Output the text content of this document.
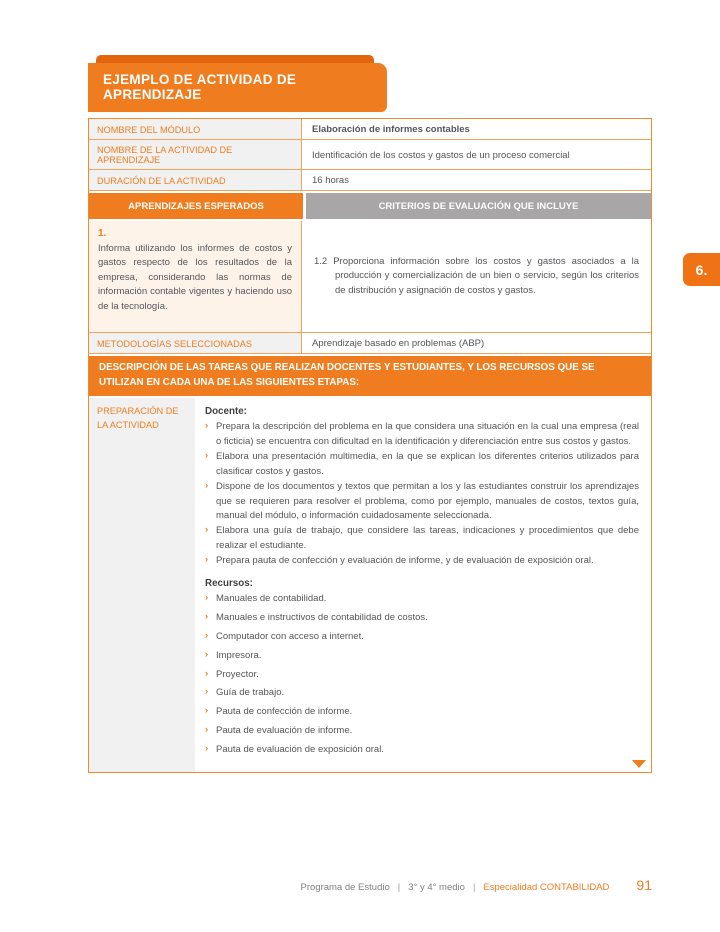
6.
EJEMPLO DE ACTIVIDAD DE APRENDIZAJE
NOMBRE DEL MÓDULO	Elaboración de informes contables
NOMBRE DE LA ACTIVIDAD DE APRENDIZAJE	Identificación de los costos y gastos de un proceso comercial
DURACIÓN DE LA ACTIVIDAD	16 horas
APRENDIZAJES ESPERADOS	CRITERIOS DE EVALUACIÓN QUE INCLUYE
1.
Informa utilizando los informes de costos y gastos respecto de los resultados de la empresa, considerando las normas de información contable vigentes y haciendo uso de la tecnología.

1.2 Proporciona información sobre los costos y gastos asociados a la producción y comercialización de un bien o servicio, según los criterios de distribución y asignación de costos y gastos.

METODOLOGÍAS SELECCIONADAS	Aprendizaje basado en problemas (ABP)
DESCRIPCIÓN DE LAS TAREAS QUE REALIZAN DOCENTES Y ESTUDIANTES, Y LOS RECURSOS QUE SE UTILIZAN EN CADA UNA DE LAS SIGUIENTES ETAPAS:
PREPARACIÓN DE LA ACTIVIDAD
Docente:
› Prepara la descripción del problema en la que considera una situación en la cual una empresa (real o ficticia) se encuentra con dificultad en la identificación y diferenciación entre sus costos y gastos.
› Elabora una presentación multimedia, en la que se explican los diferentes criterios utilizados para clasificar costos y gastos.
› Dispone de los documentos y textos que permitan a los y las estudiantes construir los aprendizajes que se requieren para resolver el problema, como por ejemplo, manuales de costos, textos guía, manual del módulo, o información cuidadosamente seleccionada.
› Elabora una guía de trabajo, que considere las tareas, indicaciones y procedimientos que debe realizar el estudiante.
› Prepara pauta de confección y evaluación de informe, y de evaluación de exposición oral.
Recursos:
› Manuales de contabilidad.
› Manuales e instructivos de contabilidad de costos.
› Computador con acceso a internet.
› Impresora.
› Proyector.
› Guía de trabajo.
› Pauta de confección de informe.
› Pauta de evaluación de informe.
› Pauta de evaluación de exposición oral.
Programa de Estudio | 3° y 4° medio | Especialidad CONTABILIDAD 91
